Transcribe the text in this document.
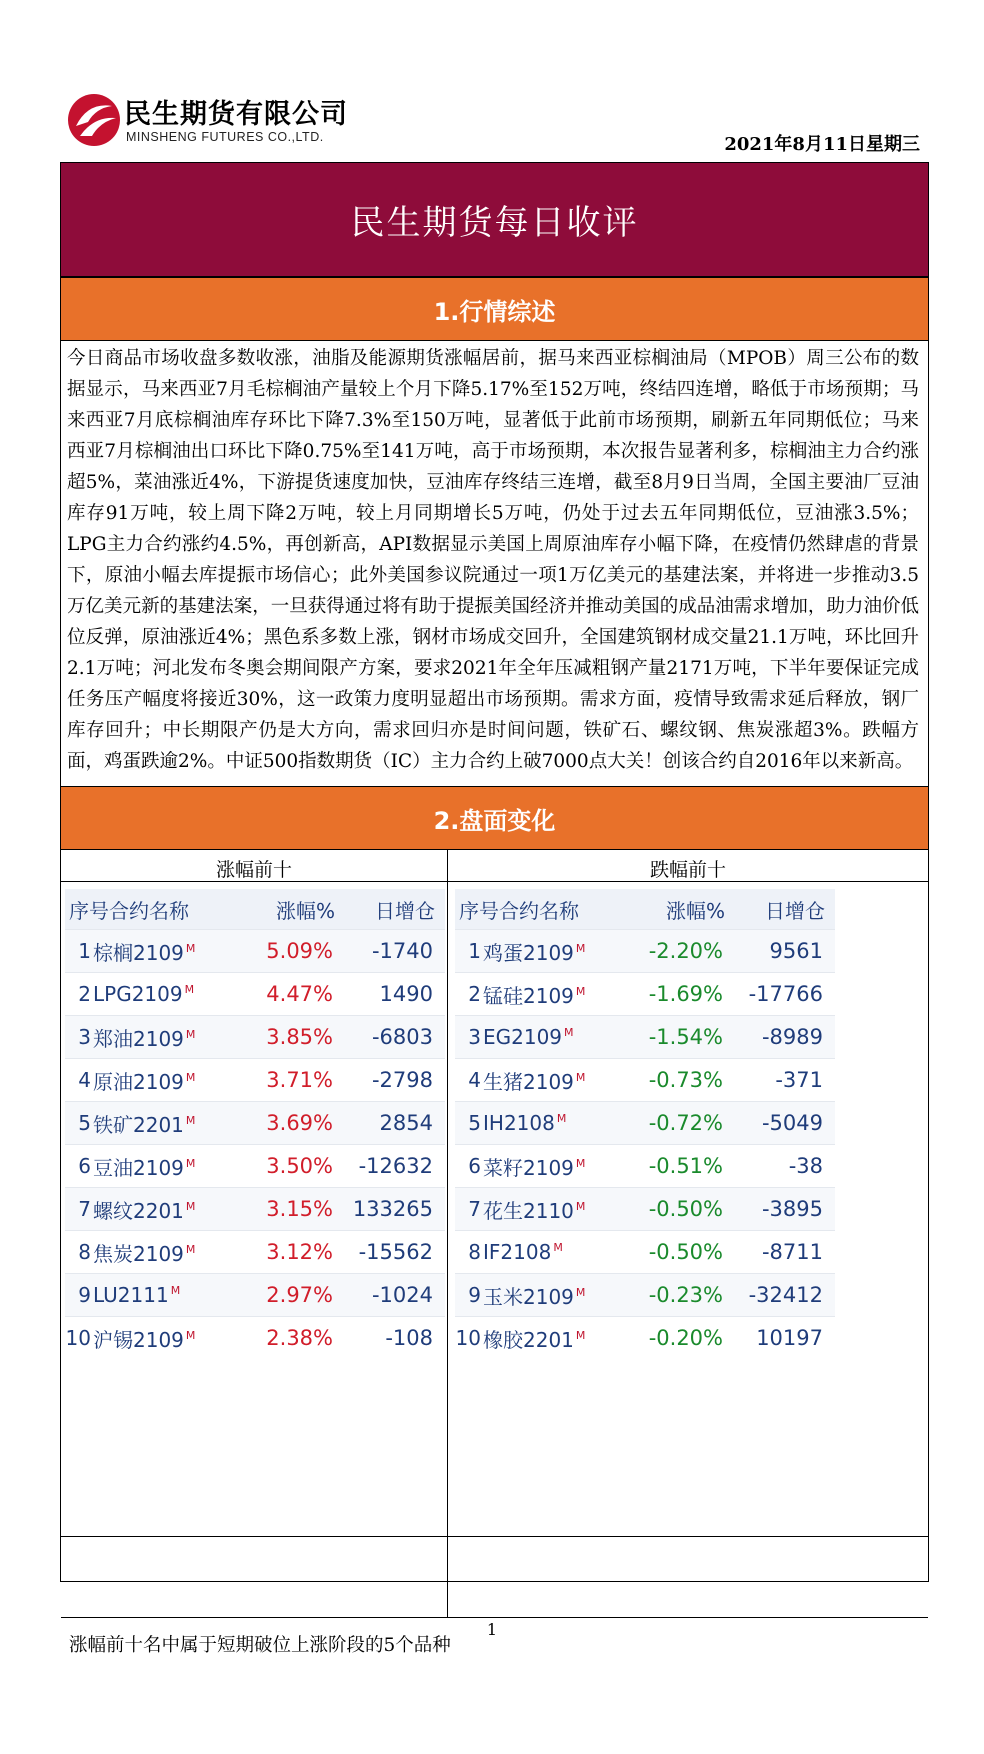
民生期货有限公司
MINSHENG FUTURES CO.,LTD.	2021年8月11日星期三
民生期货每日收评
1.行情综述
今日商品市场收盘多数收涨，油脂及能源期货涨幅居前，据马来西亚棕榈油局（MPOB）周三公布的数据显示，马来西亚7月毛棕榈油产量较上个月下降5.17%至152万吨，终结四连增，略低于市场预期；马来西亚7月底棕榈油库存环比下降7.3%至150万吨，显著低于此前市场预期，刷新五年同期低位；马来西亚7月棕榈油出口环比下降0.75%至141万吨，高于市场预期，本次报告显著利多，棕榈油主力合约涨超5%，菜油涨近4%，下游提货速度加快，豆油库存终结三连增，截至8月9日当周，全国主要油厂豆油库存91万吨，较上周下降2万吨，较上月同期增长5万吨，仍处于过去五年同期低位，豆油涨3.5%；LPG主力合约涨约4.5%，再创新高，API数据显示美国上周原油库存小幅下降，在疫情仍然肆虐的背景下，原油小幅去库提振市场信心；此外美国参议院通过一项1万亿美元的基建法案，并将进一步推动3.5万亿美元新的基建法案，一旦获得通过将有助于提振美国经济并推动美国的成品油需求增加，助力油价低位反弹，原油涨近4%；黑色系多数上涨，钢材市场成交回升，全国建筑钢材成交量21.1万吨，环比回升2.1万吨；河北发布冬奥会期间限产方案，要求2021年全年压减粗钢产量2171万吨，下半年要保证完成任务压产幅度将接近30%，这一政策力度明显超出市场预期。需求方面，疫情导致需求延后释放，钢厂库存回升；中长期限产仍是大方向，需求回归亦是时间问题，铁矿石、螺纹钢、焦炭涨超3%。跌幅方面，鸡蛋跌逾2%。中证500指数期货（IC）主力合约上破7000点大关！创该合约自2016年以来新高。
2.盘面变化
涨幅前十	跌幅前十
序号合约名称	涨幅%	日增仓
1 棕榈2109 $^M$	5.09%	-1740
2 LPG2109 $^M$	4.47%	1490
3 郑油2109 $^M$	3.85%	-6803
4 原油2109 $^M$	3.71%	-2798
5 铁矿2201 $^M$	3.69%	2854
6 豆油2109 $^M$	3.50%	-12632
7 螺纹2201 $^M$	3.15% 133265
8 焦炭2109 $^M$	3.12%	-15562
9 LU2111 $^M$	2.97%	-1024
10 沪锡2109 $^M$	2.38%	-108
序号合约名称	涨幅%	日增仓
1 鸡蛋2109 $^M$	-2.20%	9561
2 锰硅2109 $^M$	-1.69%	-17766
3 EG2109 $^M$	-1.54%	-8989
4 生猪2109 $^M$	-0.73%	-371
5 IH2108 $^M$	-0.72%	-5049
6 菜籽2109 $^M$	-0.51%	-38
7 花生2110 $^M$	-0.50%	-3895
8 IF2108 $^M$	-0.50%	-8711
9 玉米2109 $^M$	-0.23%	-32412
10 橡胶2201 $^M$	-0.20%	10197
涨幅前十名中属于短期破位上涨阶段的5个品种
1
